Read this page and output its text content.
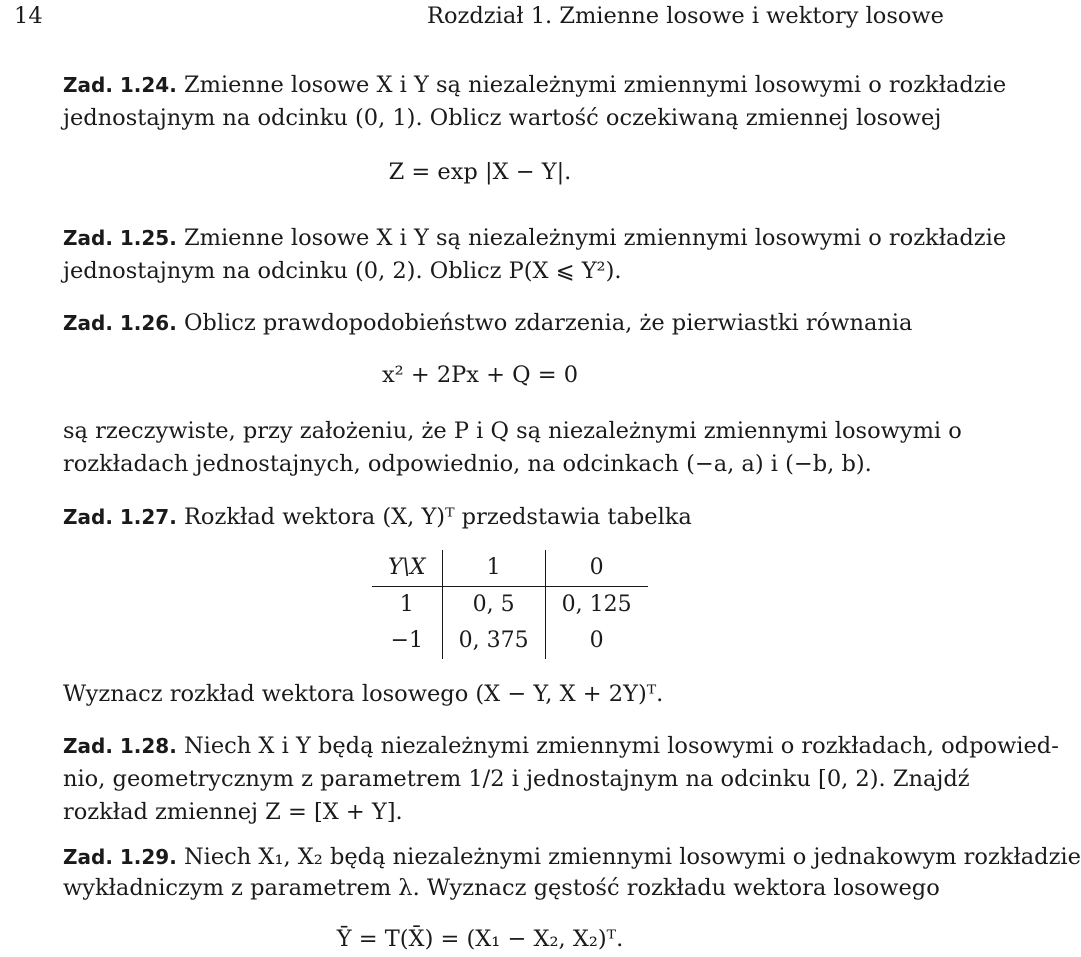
14	Rozdział 1. Zmienne losowe i wektory losowe
Zad. 1.24. Zmienne losowe X i Y są niezależnymi zmiennymi losowymi o rozkładzie
jednostajnym na odcinku (0, 1). Oblicz wartość oczekiwaną zmiennej losowej
Z = exp |X − Y|.
Zad. 1.25. Zmienne losowe X i Y są niezależnymi zmiennymi losowymi o rozkładzie
jednostajnym na odcinku (0, 2). Oblicz P(X ⩽ Y²).
Zad. 1.26. Oblicz prawdopodobieństwo zdarzenia, że pierwiastki równania
x² + 2Px + Q = 0
są rzeczywiste, przy założeniu, że P i Q są niezależnymi zmiennymi losowymi o
rozkładach jednostajnych, odpowiednio, na odcinkach (−a, a) i (−b, b).
Zad. 1.27. Rozkład wektora (X, Y)ᵀ przedstawia tabelka
Y\X	1	0
1	0, 5	0, 125
−1	0, 375	0
Wyznacz rozkład wektora losowego (X − Y, X + 2Y)ᵀ.
Zad. 1.28. Niech X i Y będą niezależnymi zmiennymi losowymi o rozkładach, odpowied-
nio, geometrycznym z parametrem 1/2 i jednostajnym na odcinku [0, 2). Znajdź
rozkład zmiennej Z = [X + Y].
Zad. 1.29. Niech X₁, X₂ będą niezależnymi zmiennymi losowymi o jednakowym rozkładzie
wykładniczym z parametrem λ. Wyznacz gęstość rozkładu wektora losowego
Ȳ = T(X̄) = (X₁ − X₂, X₂)ᵀ.
